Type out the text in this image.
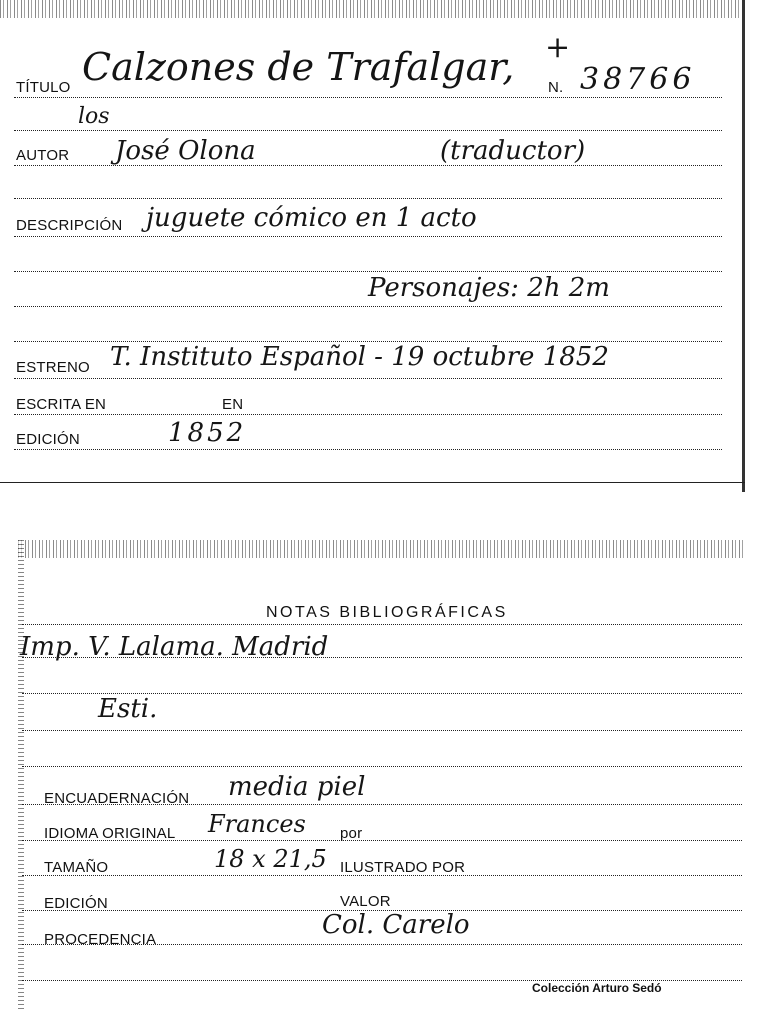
TÍTULO Calzones de Trafalgar, +
N. 38766
los
AUTOR José Olona	(traductor)
DESCRIPCIÓN juguete cómico en 1 acto
Personajes: 2h 2m
ESTRENO T. Instituto Español - 19 octubre 1852
ESCRITA EN	EN
EDICIÓN	1852
NOTAS BIBLIOGRÁFICAS
Imp. V. Lalama. Madrid
Esti.
ENCUADERNACIÓN media piel
IDIOMA ORIGINAL Frances por
TAMAÑO	18 x 21,5 ILUSTRADO POR
EDICIÓN	VALOR
PROCEDENCIA	Col. Carelo
Colección Arturo Sedó
